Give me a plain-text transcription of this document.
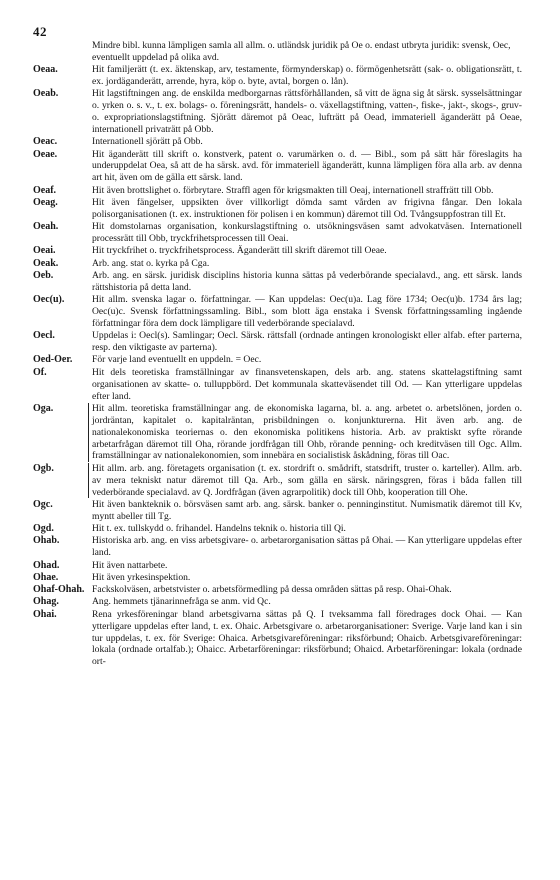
42
Mindre bibl. kunna lämpligen samla all allm. o. utländsk juridik på Oe o. endast utbryta juridik: svensk, Oec, eventuellt uppdelad på olika avd.
Oeaa.	Hit familjerätt (t. ex. äktenskap, arv, testamente, förmynderskap) o. förmögenhetsrätt (sak- o. obligationsrätt, t. ex. jordäganderätt, arrende, hyra, köp o. byte, avtal, borgen o. lån).
Oeab.	Hit lagstiftningen ang. de enskilda medborgarnas rättsförhållanden, så vitt de ägna sig åt särsk. sysselsättningar o. yrken o. s. v., t. ex. bolags- o. föreningsrätt, handels- o. växellagstiftning, vatten-, fiske-, jakt-, skogs-, gruv- o. expropriationslagstiftning. Sjörätt däremot på Oeac, lufträtt på Oead, immateriell äganderätt på Oeae, internationell privaträtt på Obb.
Oeac.	Internationell sjörätt på Obb.
Oeae.	Hit äganderätt till skrift o. konstverk, patent o. varumärken o. d. — Bibl., som på sätt här föreslagits ha underuppdelat Oea, så att de ha särsk. avd. för immateriell äganderätt, kunna lämpligen föra alla arb. av denna art hit, även om de gälla ett särsk. land.
Oeaf.	Hit även brottslighet o. förbrytare. Straffl agen för krigsmakten till Oeaj, internationell straffrätt till Obb.
Oeag.	Hit även fängelser, uppsikten över villkorligt dömda samt vården av frigivna fångar. Den lokala polisorganisationen (t. ex. instruktionen för polisen i en kommun) däremot till Od. Tvångsuppfostran till Et.
Oeah.	Hit domstolarnas organisation, konkurslagstiftning o. utsökningsväsen samt advokatväsen. Internationell processrätt till Obb, tryckfrihetsprocessen till Oeai.
Oeai.	Hit tryckfrihet o. tryckfrihetsprocess. Äganderätt till skrift däremot till Oeae.
Oeak.	Arb. ang. stat o. kyrka på Cga.
Oeb.	Arb. ang. en särsk. juridisk disciplins historia kunna sättas på vederbörande specialavd., ang. ett särsk. lands rättshistoria på detta land.
Oec(u).	Hit allm. svenska lagar o. författningar. — Kan uppdelas: Oec(u)a. Lag före 1734; Oec(u)b. 1734 års lag; Oec(u)c. Svensk författningssamling. Bibl., som blott äga enstaka i Svensk författningssamling ingående författningar föra dem dock lämpligare till vederbörande specialavd.
Oecl.	Uppdelas i: Oecl(s). Samlingar; Oecl. Särsk. rättsfall (ordnade antingen kronologiskt eller alfab. efter parterna, resp. den viktigaste av parterna).
Oed-Oer.	För varje land eventuellt en uppdeln. = Oec.
Of.	Hit dels teoretiska framställningar av finansvetenskapen, dels arb. ang. statens skattelagstiftning samt organisationen av skatte- o. tulluppbörd. Det kommunala skatteväsendet till Od. — Kan ytterligare uppdelas efter land.
Oga.	Hit allm. teoretiska framställningar ang. de ekonomiska lagarna, bl. a. ang. arbetet o. arbetslönen, jorden o. jordräntan, kapitalet o. kapitalräntan, prisbildningen o. konjunkturerna. Hit även arb. ang. de nationalekonomiska teoriernas o. den ekonomiska politikens historia. Arb. av praktiskt syfte rörande arbetarfrågan däremot till Oha, rörande jordfrågan till Ohb, rörande penning- och kreditväsen till Ogc. Allm. framställningar av nationalekonomien, som innebära en socialistisk åskådning, föras till Oac.
Ogb.	Hit allm. arb. ang. företagets organisation (t. ex. stordrift o. smådrift, statsdrift, truster o. karteller). Allm. arb. av mera tekniskt natur däremot till Qa. Arb., som gälla en särsk. näringsgren, föras i båda fallen till vederbörande specialavd. av Q. Jordfrågan (även agrarpolitik) dock till Ohb, kooperation till Ohe.
Ogc.	Hit även bankteknik o. börsväsen samt arb. ang. särsk. banker o. penninginstitut. Numismatik däremot till Kv, myntt abeller till Tg.
Ogd.	Hit t. ex. tullskydd o. frihandel. Handelns teknik o. historia till Qi.
Ohab.	Historiska arb. ang. en viss arbetsgivare- o. arbetarorganisation sättas på Ohai. — Kan ytterligare uppdelas efter land.
Ohad.	Hit även nattarbete.
Ohae.	Hit även yrkesinspektion.
Ohaf-Ohah. Fackskolväsen, arbetstvister o. arbetsförmedling på dessa områden sättas på resp. Ohai-Ohak.
Ohag.	Ang. hemmets tjänarinnefråga se anm. vid Qc.
Ohai.	Rena yrkesföreningar bland arbetsgivarna sättas på Q. I tveksamma fall föredrages dock Ohai. — Kan ytterligare uppdelas efter land, t. ex. Ohaic. Arbetsgivare o. arbetarorganisationer: Sverige. Varje land kan i sin tur uppdelas, t. ex. för Sverige: Ohaica. Arbetsgivareföreningar: riksförbund; Ohaicb. Arbetsgivareföreningar: lokala (ordnade ortalfab.); Ohaicc. Arbetarföreningar: riksförbund; Ohaicd. Arbetarföreningar: lokala (ordnade ort-
